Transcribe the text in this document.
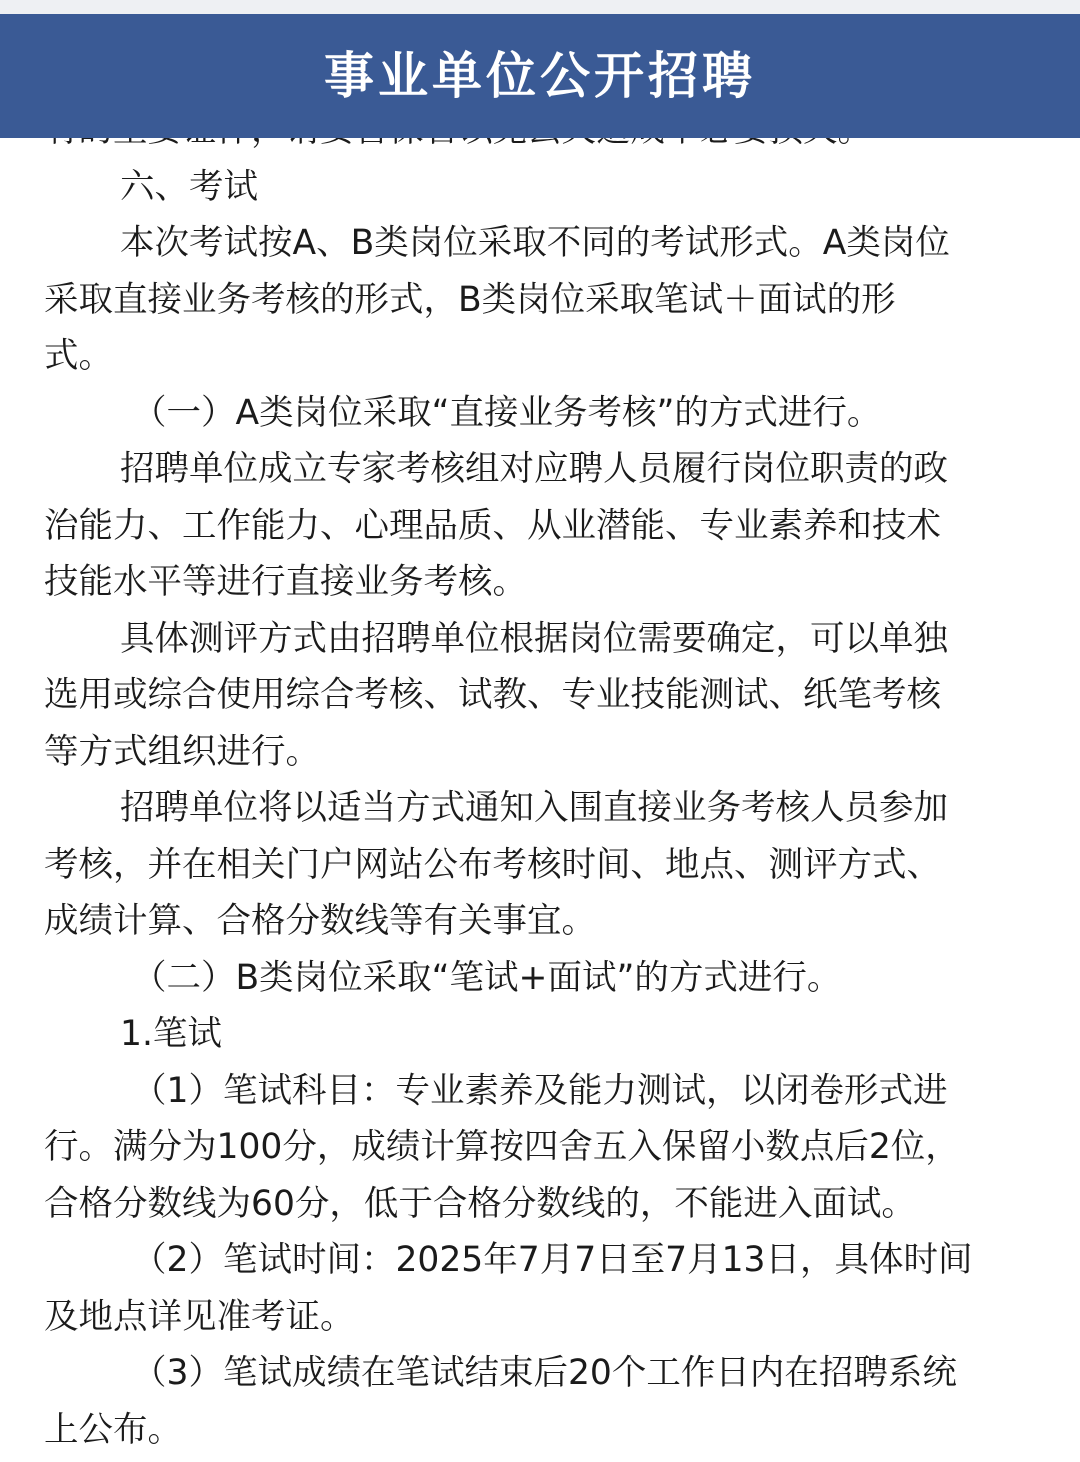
事业单位公开招聘
六、考试
本次考试按A、B类岗位采取不同的考试形式。A类岗位
采取直接业务考核的形式，B类岗位采取笔试＋面试的形
式。
（一）A类岗位采取“直接业务考核”的方式进行。
招聘单位成立专家考核组对应聘人员履行岗位职责的政
治能力、工作能力、心理品质、从业潜能、专业素养和技术
技能水平等进行直接业务考核。
具体测评方式由招聘单位根据岗位需要确定，可以单独
选用或综合使用综合考核、试教、专业技能测试、纸笔考核
等方式组织进行。
招聘单位将以适当方式通知入围直接业务考核人员参加
考核，并在相关门户网站公布考核时间、地点、测评方式、
成绩计算、合格分数线等有关事宜。
（二）B类岗位采取“笔试+面试”的方式进行。
1.笔试
（1）笔试科目：专业素养及能力测试，以闭卷形式进
行。满分为100分，成绩计算按四舍五入保留小数点后2位，
合格分数线为60分，低于合格分数线的，不能进入面试。
（2）笔试时间：2025年7月7日至7月13日，具体时间
及地点详见准考证。
（3）笔试成绩在笔试结束后20个工作日内在招聘系统
上公布。
